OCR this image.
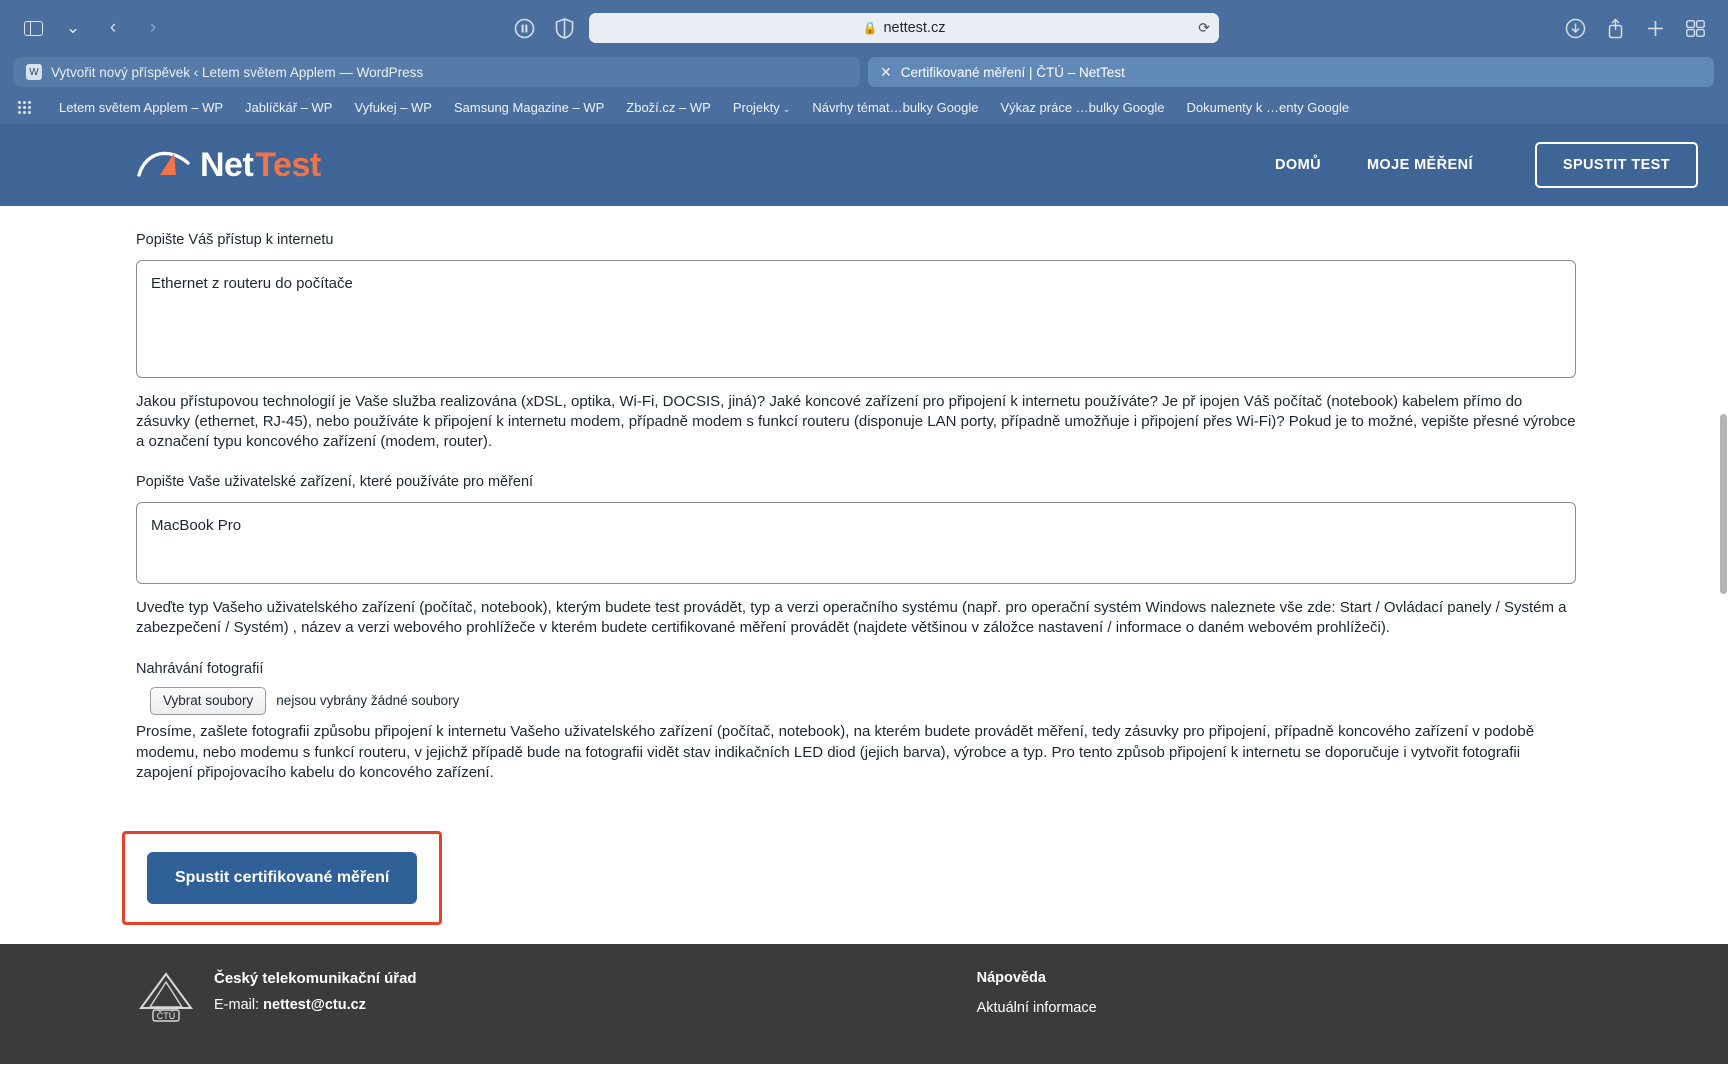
⌄	‹	›	🔒 nettest.cz	⟳
W Vytvořit nový příspěvek ‹ Letem světem Applem — WordPress	✕ Certifikované měření | ČTÚ – NetTest
Letem světem Applem – WP Jablíčkář – WP Vyfukej – WP Samsung Magazine – WP Zboží.cz – WP Projekty ⌄ Návrhy témat…bulky Google Výkaz práce …bulky Google Dokumenty k …enty Google
Net Test	DOMŮ	MOJE MĚŘENÍ	SPUSTIT TEST
Popište Váš přístup k internetu
Ethernet z routeru do počítače
Jakou přístupovou technologií je Vaše služba realizována (xDSL, optika, Wi-Fi, DOCSIS, jiná)? Jaké koncové zařízení pro připojení k internetu používáte? Je př ipojen Váš počítač (notebook) kabelem přímo do zásuvky (ethernet, RJ-45), nebo používáte k připojení k internetu modem, případně modem s funkcí routeru (disponuje LAN porty, případně umožňuje i připojení přes Wi-Fi)? Pokud je to možné, vepište přesné výrobce a označení typu koncového zařízení (modem, router).
Popište Vaše uživatelské zařízení, které používáte pro měření
MacBook Pro
Uveďte typ Vašeho uživatelského zařízení (počítač, notebook), kterým budete test provádět, typ a verzi operačního systému (např. pro operační systém Windows naleznete vše zde: Start / Ovládací panely / Systém a zabezpečení / Systém) , název a verzi webového prohlížeče v kterém budete certifikované měření provádět (najdete většinou v záložce nastavení / informace o daném webovém prohlížeči).
Nahrávání fotografií
Vybrat soubory	nejsou vybrány žádné soubory
Prosíme, zašlete fotografii způsobu připojení k internetu Vašeho uživatelského zařízení (počítač, notebook), na kterém budete provádět měření, tedy zásuvky pro připojení, případně koncového zařízení v podobě modemu, nebo modemu s funkcí routeru, v jejichž případě bude na fotografii vidět stav indikačních LED diod (jejich barva), výrobce a typ. Pro tento způsob připojení k internetu se doporučuje i vytvořit fotografii zapojení připojovacího kabelu do koncového zařízení.
Spustit certifikované měření
ČTÚ
Český telekomunikační úřad
E-mail: nettest@ctu.cz
Nápověda
Aktuální informace
